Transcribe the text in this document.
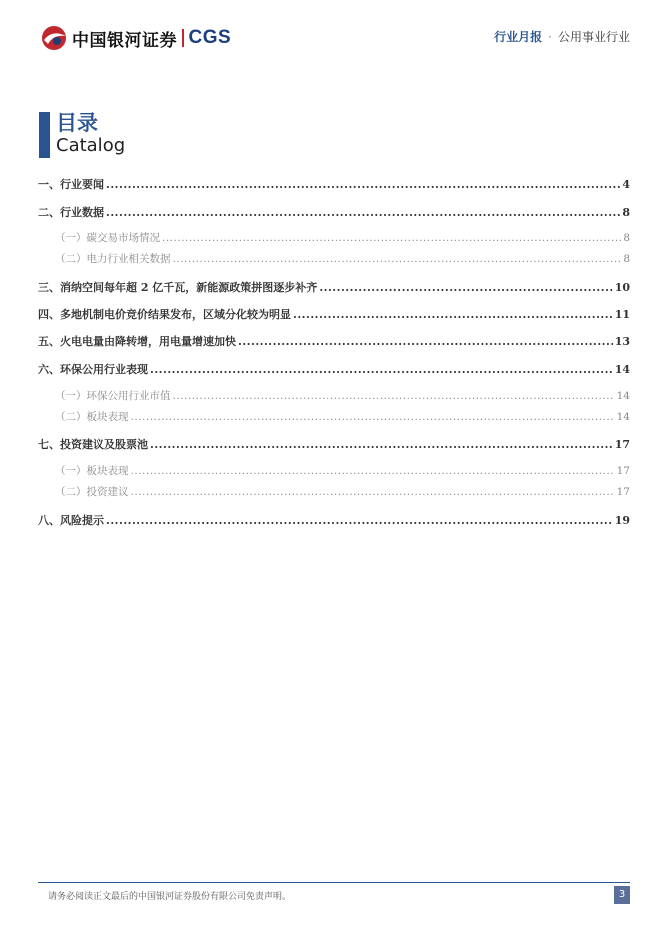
中国银河证券 CGS	行业月报 · 公用事业行业
目录
Catalog
一、 行业要闻 .....	4
二、 行业数据 .....	8
（一） 碳交易市场情况 .....	8
（二） 电力行业相关数据 .....	8
三、 消纳空间每年超 2 亿千瓦，新能源政策拼图逐步补齐 .....	10
四、 多地机制电价竞价结果发布，区域分化较为明显 .....	11
五、 火电电量由降转增，用电量增速加快 .....	13
六、 环保公用行业表现 .....	14
（一） 环保公用行业市值 .....	14
（二） 板块表现 .....	14
七、 投资建议及股票池 .....	17
（一） 板块表现 .....	17
（二） 投资建议 .....	17
八、 风险提示 .....	19
请务必阅读正文最后的中国银河证券股份有限公司免责声明。	3
